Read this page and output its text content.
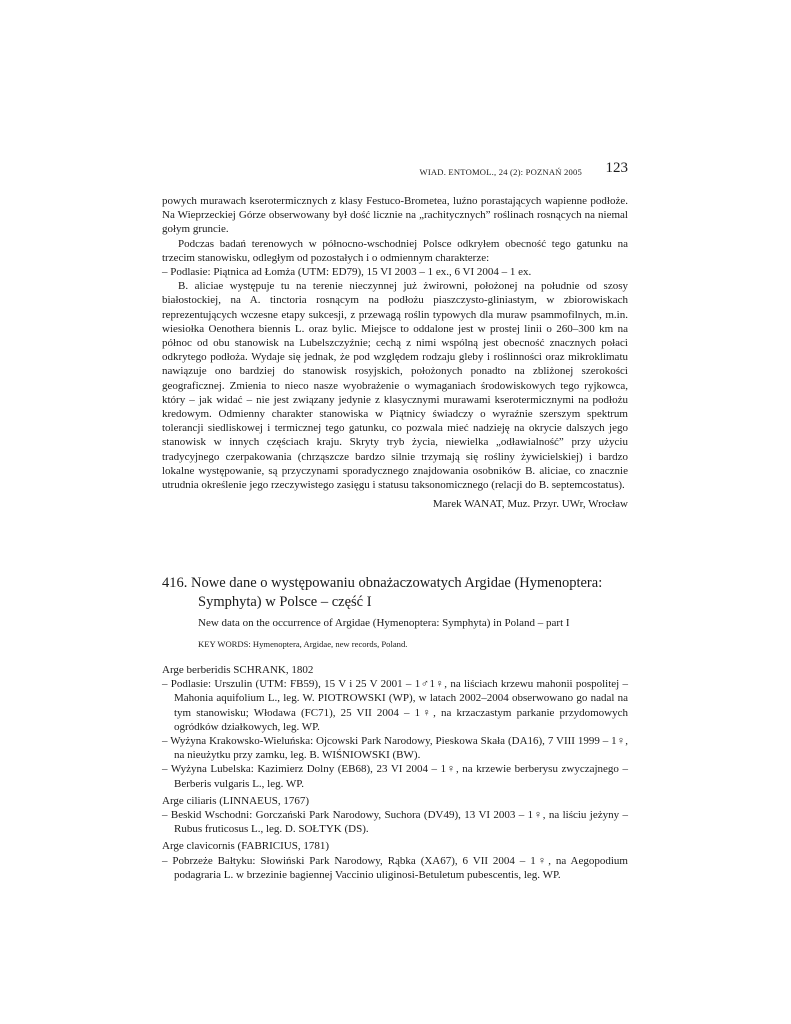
WIAD. ENTOMOL., 24 (2): POZNAŃ 2005 123

powych murawach kserotermicznych z klasy Festuco-Brometea, luźno porastających wapienne podłoże. Na Wieprzeckiej Górze obserwowany był dość licznie na „rachitycznych” roślinach rosnących na niemal gołym gruncie.

Podczas badań terenowych w północno-wschodniej Polsce odkryłem obecność tego gatunku na trzecim stanowisku, odległym od pozostałych i o odmiennym charakterze:

– Podlasie: Piątnica ad Łomża (UTM: ED79), 15 VI 2003 – 1 ex., 6 VI 2004 – 1 ex.

B. aliciae występuje tu na terenie nieczynnej już żwirowni, położonej na południe od szosy białostockiej, na A. tinctoria rosnącym na podłożu piaszczysto-gliniastym, w zbiorowiskach reprezentujących wczesne etapy sukcesji, z przewagą roślin typowych dla muraw psammofilnych, m.in. wiesiołka Oenothera biennis L. oraz bylic. Miejsce to oddalone jest w prostej linii o 260–300 km na północ od obu stanowisk na Lubelszczyźnie; cechą z nimi wspólną jest obecność znacznych połaci odkrytego podłoża. Wydaje się jednak, że pod względem rodzaju gleby i roślinności oraz mikroklimatu nawiązuje ono bardziej do stanowisk rosyjskich, położonych ponadto na zbliżonej szerokości geograficznej. Zmienia to nieco nasze wyobrażenie o wymaganiach środowiskowych tego ryjkowca, który – jak widać – nie jest związany jedynie z klasycznymi murawami kserotermicznymi na podłożu kredowym. Odmienny charakter stanowiska w Piątnicy świadczy o wyraźnie szerszym spektrum tolerancji siedliskowej i termicznej tego gatunku, co pozwala mieć nadzieję na okrycie dalszych jego stanowisk w innych częściach kraju. Skryty tryb życia, niewielka „odławialność” przy użyciu tradycyjnego czerpakowania (chrząszcze bardzo silnie trzymają się rośliny żywicielskiej) i bardzo lokalne występowanie, są przyczynami sporadycznego znajdowania osobników B. aliciae, co znacznie utrudnia określenie jego rzeczywistego zasięgu i statusu taksonomicznego (relacji do B. septemcostatus).

Marek WANAT, Muz. Przyr. UWr, Wrocław

416. Nowe dane o występowaniu obnażaczowatych Argidae (Hymenoptera: Symphyta) w Polsce – część I
New data on the occurrence of Argidae (Hymenoptera: Symphyta) in Poland – part I
KEY WORDS: Hymenoptera, Argidae, new records, Poland.

Arge berberidis SCHRANK, 1802

– Podlasie: Urszulin (UTM: FB59), 15 V i 25 V 2001 – 1♂1♀, na liściach krzewu mahonii pospolitej – Mahonia aquifolium L., leg. W. PIOTROWSKI (WP), w latach 2002–2004 obserwowano go nadal na tym stanowisku; Włodawa (FC71), 25 VII 2004 – 1♀, na krzaczastym parkanie przydomowych ogródków działkowych, leg. WP.

– Wyżyna Krakowsko-Wieluńska: Ojcowski Park Narodowy, Pieskowa Skała (DA16), 7 VIII 1999 – 1♀, na nieużytku przy zamku, leg. B. WIŚNIOWSKI (BW).

– Wyżyna Lubelska: Kazimierz Dolny (EB68), 23 VI 2004 – 1♀, na krzewie berberysu zwyczajnego – Berberis vulgaris L., leg. WP.

Arge ciliaris (LINNAEUS, 1767)

– Beskid Wschodni: Gorczański Park Narodowy, Suchora (DV49), 13 VI 2003 – 1♀, na liściu jeżyny – Rubus fruticosus L., leg. D. SOŁTYK (DS).

Arge clavicornis (FABRICIUS, 1781)

– Pobrzeże Bałtyku: Słowiński Park Narodowy, Rąbka (XA67), 6 VII 2004 – 1♀, na Aegopodium podagraria L. w brzezinie bagiennej Vaccinio uliginosi-Betuletum pubescentis, leg. WP.
